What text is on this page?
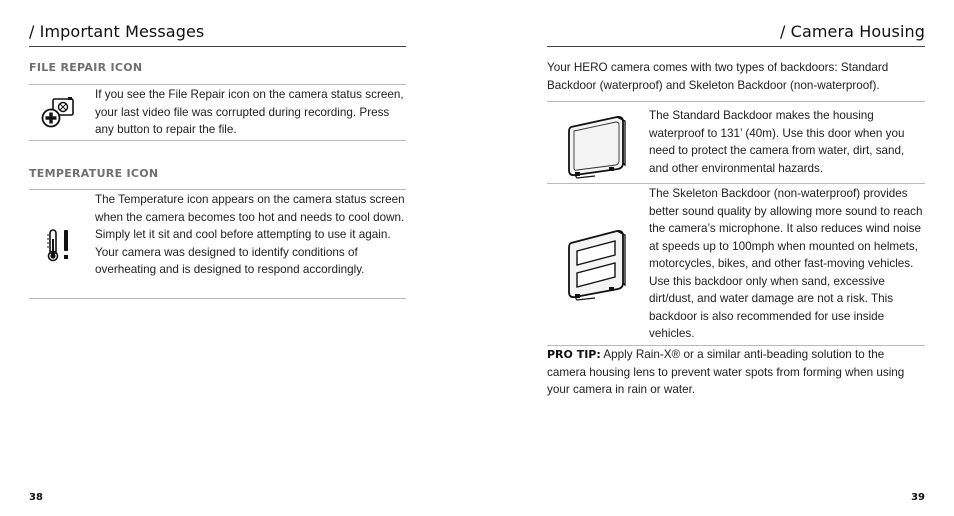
/ Important Messages
FILE REPAIR ICON
If you see the File Repair icon on the camera status screen, your last video file was corrupted during recording. Press any button to repair the file.
TEMPERATURE ICON
The Temperature icon appears on the camera status screen when the camera becomes too hot and needs to cool down. Simply let it sit and cool before attempting to use it again. Your camera was designed to identify conditions of overheating and is designed to respond accordingly.
38
/ Camera Housing
Your HERO camera comes with two types of backdoors: Standard Backdoor (waterproof) and Skeleton Backdoor (non-waterproof).
The Standard Backdoor makes the housing waterproof to 131’ (40m). Use this door when you need to protect the camera from water, dirt, sand, and other environmental hazards.
The Skeleton Backdoor (non-waterproof) provides better sound quality by allowing more sound to reach the camera’s microphone. It also reduces wind noise at speeds up to 100mph when mounted on helmets, motorcycles, bikes, and other fast-moving vehicles. Use this backdoor only when sand, excessive dirt/dust, and water damage are not a risk. This backdoor is also recommended for use inside vehicles.
PRO TIP: Apply Rain-X® or a similar anti-beading solution to the camera housing lens to prevent water spots from forming when using your camera in rain or water.
39
